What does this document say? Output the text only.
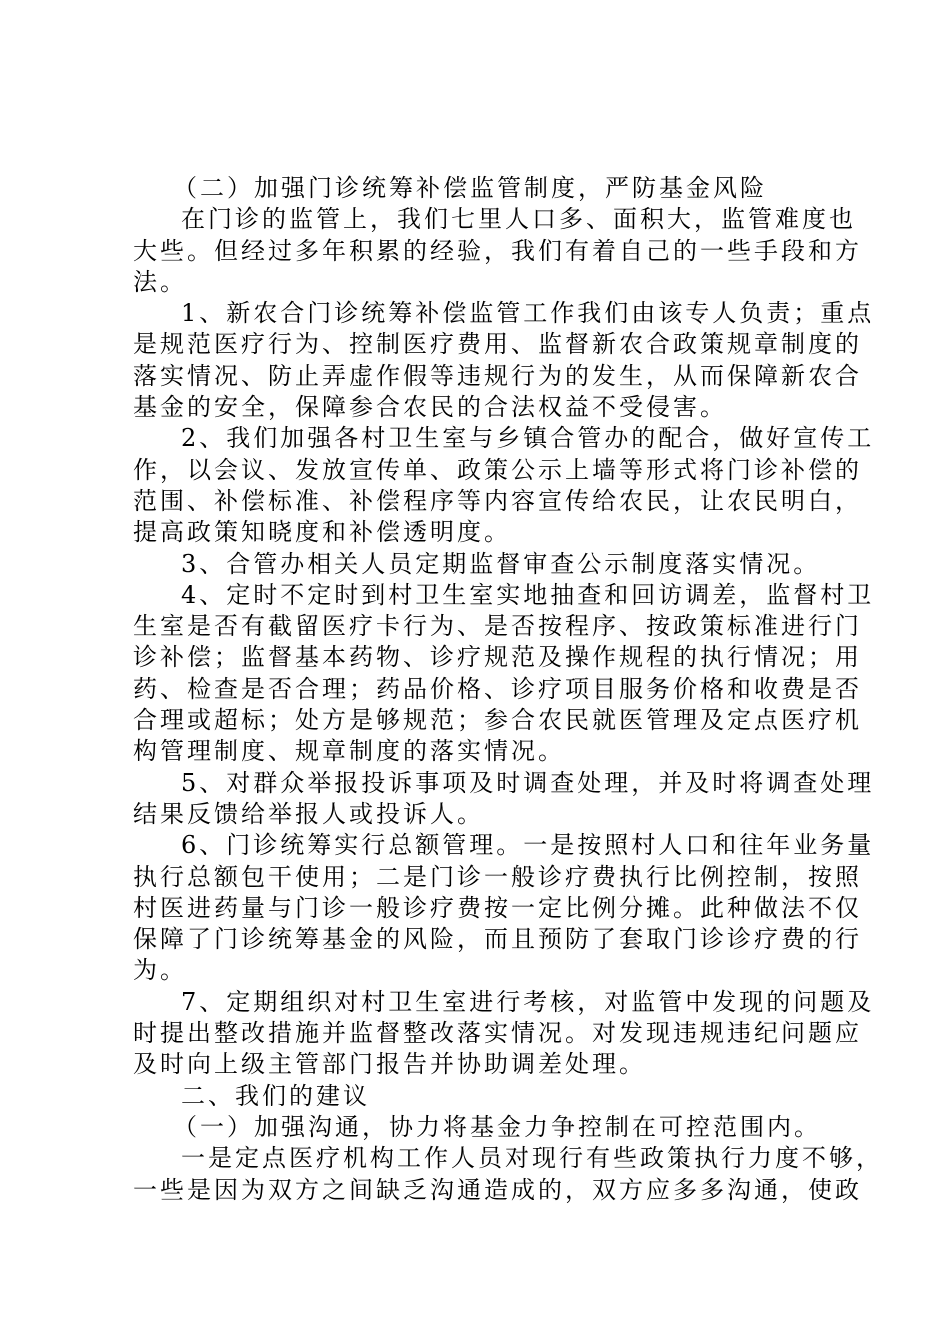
（二）加强门诊统筹补偿监管制度，严防基金风险
在门诊的监管上，我们七里人口多、面积大，监管难度也
大些。但经过多年积累的经验，我们有着自己的一些手段和方
法。
1、新农合门诊统筹补偿监管工作我们由该专人负责；重点
是规范医疗行为、控制医疗费用、监督新农合政策规章制度的
落实情况、防止弄虚作假等违规行为的发生，从而保障新农合
基金的安全，保障参合农民的合法权益不受侵害。
2、我们加强各村卫生室与乡镇合管办的配合，做好宣传工
作，以会议、发放宣传单、政策公示上墙等形式将门诊补偿的
范围、补偿标准、补偿程序等内容宣传给农民，让农民明白，
提高政策知晓度和补偿透明度。
3、合管办相关人员定期监督审查公示制度落实情况。
4、定时不定时到村卫生室实地抽查和回访调差，监督村卫
生室是否有截留医疗卡行为、是否按程序、按政策标准进行门
诊补偿；监督基本药物、诊疗规范及操作规程的执行情况；用
药、检查是否合理；药品价格、诊疗项目服务价格和收费是否
合理或超标；处方是够规范；参合农民就医管理及定点医疗机
构管理制度、规章制度的落实情况。
5、对群众举报投诉事项及时调查处理，并及时将调查处理
结果反馈给举报人或投诉人。
6、门诊统筹实行总额管理。一是按照村人口和往年业务量
执行总额包干使用；二是门诊一般诊疗费执行比例控制，按照
村医进药量与门诊一般诊疗费按一定比例分摊。此种做法不仅
保障了门诊统筹基金的风险，而且预防了套取门诊诊疗费的行
为。
7、定期组织对村卫生室进行考核，对监管中发现的问题及
时提出整改措施并监督整改落实情况。对发现违规违纪问题应
及时向上级主管部门报告并协助调差处理。
二、我们的建议
（一）加强沟通，协力将基金力争控制在可控范围内。
一是定点医疗机构工作人员对现行有些政策执行力度不够，
一些是因为双方之间缺乏沟通造成的，双方应多多沟通，使政
